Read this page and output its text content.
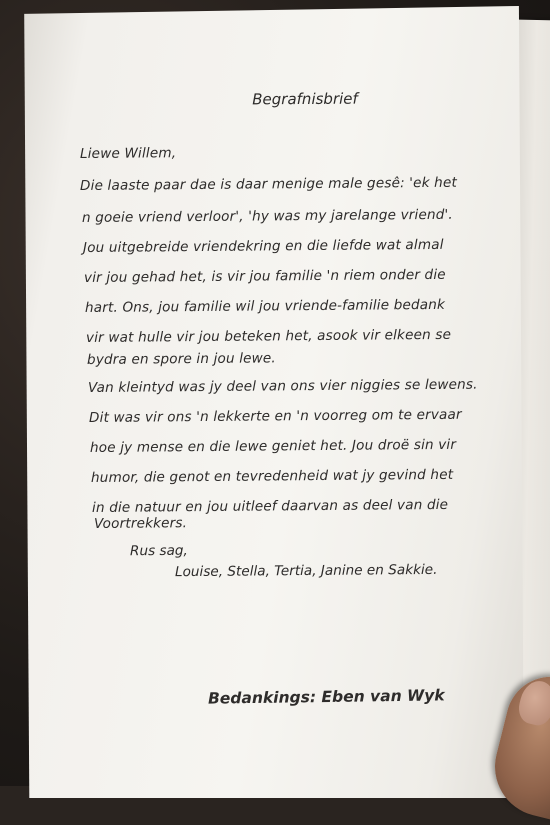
Begrafnisbrief
Liewe Willem,
Die laaste paar dae is daar menige male gesê: 'ek het
n goeie vriend verloor', 'hy was my jarelange vriend'.
Jou uitgebreide vriendekring en die liefde wat almal
vir jou gehad het, is vir jou familie 'n riem onder die
hart. Ons, jou familie wil jou vriende-familie bedank
vir wat hulle vir jou beteken het, asook vir elkeen se
bydra en spore in jou lewe.
Van kleintyd was jy deel van ons vier niggies se lewens.
Dit was vir ons 'n lekkerte en 'n voorreg om te ervaar
hoe jy mense en die lewe geniet het. Jou droë sin vir
humor, die genot en tevredenheid wat jy gevind het
in die natuur en jou uitleef daarvan as deel van die
Voortrekkers.
Rus sag,
Louise, Stella, Tertia, Janine en Sakkie.
Bedankings: Eben van Wyk
